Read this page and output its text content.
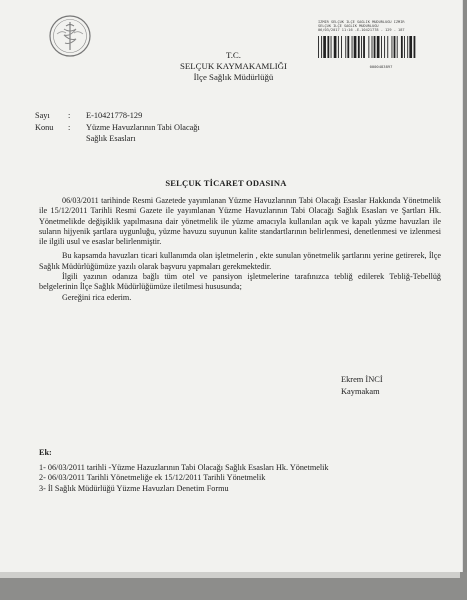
İZMİR SELÇUK İLÇE SAĞLIK MÜDÜRLÜĞÜ İZMİR
SELÇUK İLÇE SAĞLIK MÜDÜRLÜĞÜ
06/03/2017 11:16 -E-10421778 - 129 - 187
0000483897
T.C.
SELÇUK KAYMAKAMLIĞI
İlçe Sağlık Müdürlüğü
Sayı	:	E-10421778-129
Konu	:	Yüzme Havuzlarının Tabi Olacağı
Sağlık Esasları
SELÇUK TİCARET ODASINA

06/03/2011 tarihinde Resmi Gazetede yayımlanan Yüzme Havuzlarının Tabi Olacağı Esaslar Hakkında Yönetmelik ile 15/12/2011 Tarihli Resmi Gazete ile yayımlanan Yüzme Havuzlarının Tabi Olacağı Sağlık Esasları ve Şartları Hk. Yönetmelikde değişiklik yapılmasına dair yönetmelik ile yüzme amacıyla kullanılan açık ve kapalı yüzme havuzları ile suların hijyenik şartlara uygunluğu, yüzme havuzu suyunun kalite standartlarının belirlenmesi, denetlenmesi ve izlenmesi ile ilgili usul ve esaslar belirlenmiştir.

Bu kapsamda havuzları ticari kullanımda olan işletmelerin , ekte sunulan yönetmelik şartlarını yerine getirerek, İlçe Sağlık Müdürlüğümüze yazılı olarak başvuru yapmaları gerekmektedir.

İlgili yazının odanıza bağlı tüm otel ve pansiyon işletmelerine tarafınızca tebliğ edilerek Tebliğ-Tebellüğ belgelerinin İlçe Sağlık Müdürlüğümüze iletilmesi hususunda;

Gereğini rica ederim.

Ekrem İNCİ
Kaymakam
Ek:
1- 06/03/2011 tarihli -Yüzme Hazuzlarının Tabi Olacağı Sağlık Esasları Hk. Yönetmelik
2- 06/03/2011 Tarihli Yönetmeliğe ek 15/12/2011 Tarihli Yönetmelik
3- İl Sağlık Müdürlüğü Yüzme Havuzları Denetim Formu
